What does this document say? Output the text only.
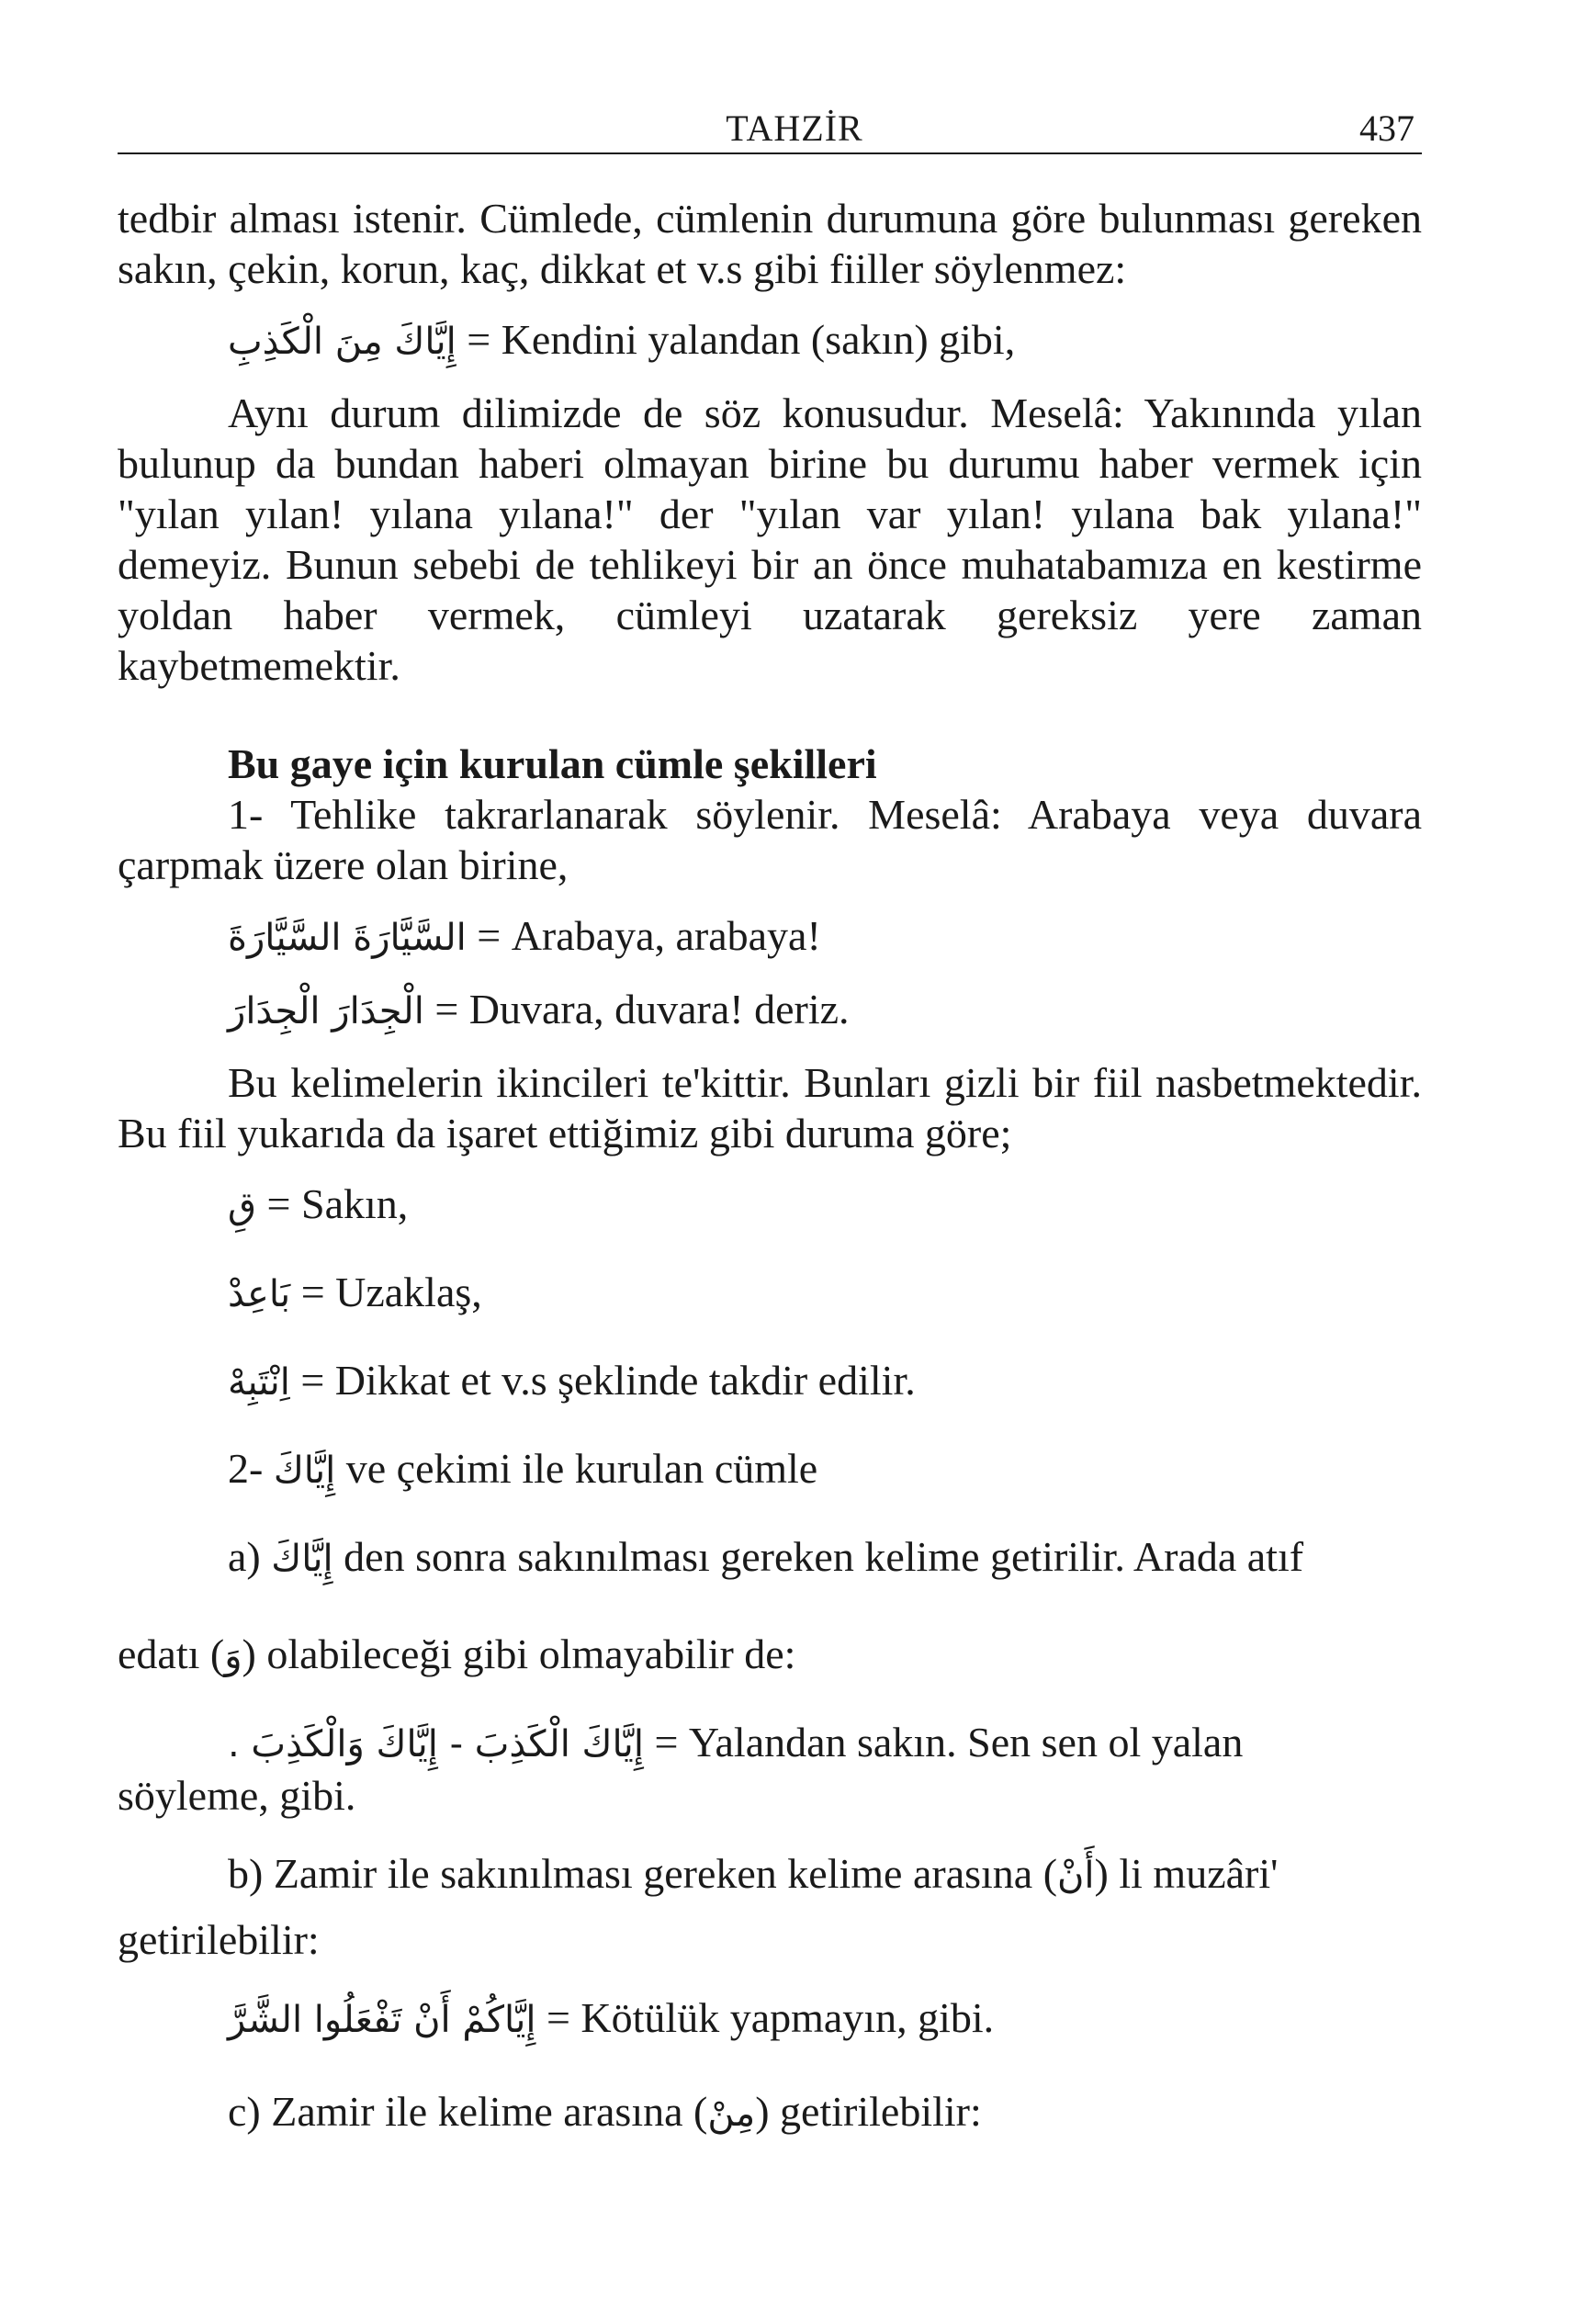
TAHZİR	437

tedbir alması istenir. Cümlede, cümlenin durumuna göre bulunması gereken sakın, çekin, korun, kaç, dikkat et v.s gibi fiiller söylenmez:

إِيَّاكَ مِنَ الْكَذِبِ = Kendini yalandan (sakın) gibi,

Aynı durum dilimizde de söz konusudur. Meselâ: Yakınında yılan bulunup da bundan haberi olmayan birine bu durumu haber vermek için "yılan yılan! yılana yılana!" der "yılan var yılan! yılana bak yılana!" demeyiz. Bunun sebebi de tehlikeyi bir an önce muhatabamıza en kestirme yoldan haber vermek, cümleyi uzatarak gereksiz yere zaman kaybetmemektir.

Bu gaye için kurulan cümle şekilleri

1- Tehlike takrarlanarak söylenir. Meselâ: Arabaya veya duvara çarpmak üzere olan birine,

السَّيَّارَةَ السَّيَّارَةَ = Arabaya, arabaya!
الْجِدَارَ الْجِدَارَ = Duvara, duvara! deriz.

Bu kelimelerin ikincileri te'kittir. Bunları gizli bir fiil nasbetmektedir. Bu fiil yukarıda da işaret ettiğimiz gibi duruma göre;

قِ = Sakın,
بَاعِدْ = Uzaklaş,
اِنْتَبِهْ = Dikkat et v.s şeklinde takdir edilir.
2- إِيَّاكَ ve çekimi ile kurulan cümle
a) إِيَّاكَ den sonra sakınılması gereken kelime getirilir. Arada atıf
edatı (وَ) olabileceği gibi olmayabilir de:
إِيَّاكَ الْكَذِبَ - إِيَّاكَ وَالْكَذِبَ . = Yalandan sakın. Sen sen ol yalan
söyleme, gibi.
b) Zamir ile sakınılması gereken kelime arasına (أَنْ) li muzâri'
getirilebilir:
إِيَّاكُمْ أَنْ تَفْعَلُوا الشَّرَّ = Kötülük yapmayın, gibi.
c) Zamir ile kelime arasına (مِنْ) getirilebilir:
